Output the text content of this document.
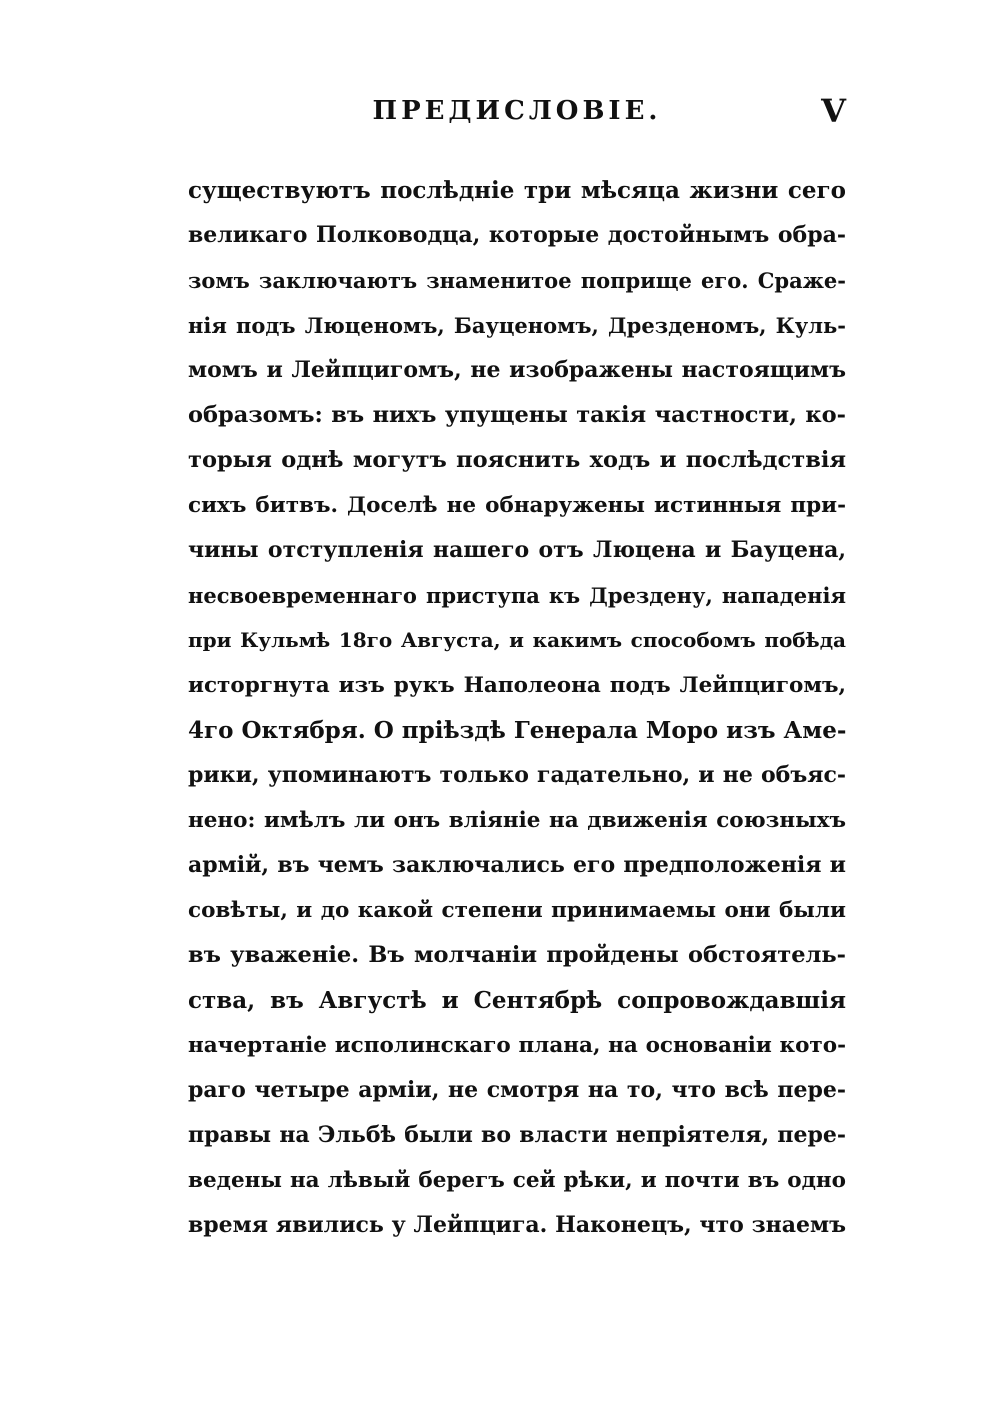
ПРЕДИСЛОВІЕ.	V
существуютъ послѣдніе три мѣсяца жизни сего
великаго Полководца, которые достойнымъ обра-
зомъ заключаютъ знаменитое поприще его. Сраже-
нія подъ Люценомъ, Бауценомъ, Дрезденомъ, Куль-
момъ и Лейпцигомъ, не изображены настоящимъ
образомъ: въ нихъ упущены такія частности, ко-
торыя однѣ могутъ пояснить ходъ и послѣдствія
сихъ битвъ. Доселѣ не обнаружены истинныя при-
чины отступленія нашего отъ Люцена и Бауцена,
несвоевременнаго приступа къ Дрездену, нападенія
при Кульмѣ 18го Августа, и какимъ способомъ побѣда
исторгнута изъ рукъ Наполеона подъ Лейпцигомъ,
4го Октября. О пріѣздѣ Генерала Моро изъ Аме-
рики, упоминаютъ только гадательно, и не объяс-
нено: имѣлъ ли онъ вліяніе на движенія союзныхъ
армій, въ чемъ заключались его предположенія и
совѣты, и до какой степени принимаемы они были
въ уваженіе. Въ молчаніи пройдены обстоятель-
ства, въ Августѣ и Сентябрѣ сопровождавшія
начертаніе исполинскаго плана, на основаніи кото-
раго четыре арміи, не смотря на то, что всѣ пере-
правы на Эльбѣ были во власти непріятеля, пере-
ведены на лѣвый берегъ сей рѣки, и почти въ одно
время явились у Лейпцига. Наконецъ, что знаемъ
